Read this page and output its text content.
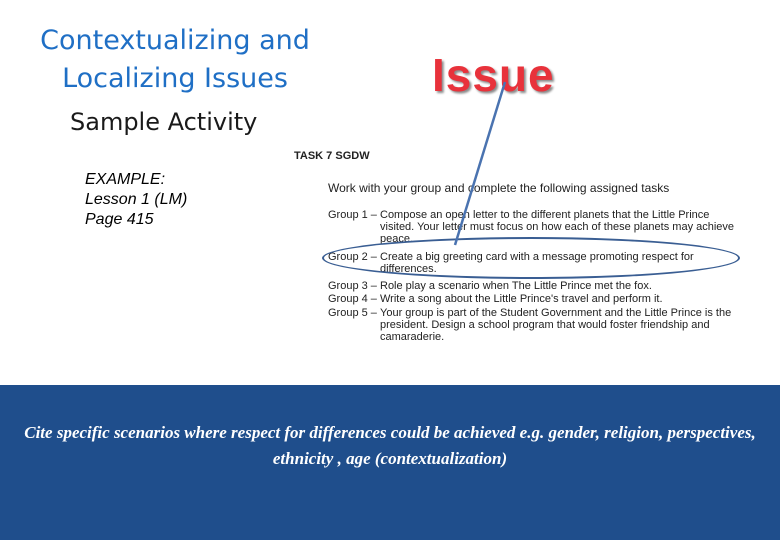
Contextualizing and
Localizing Issues
Sample Activity
EXAMPLE:
Lesson 1 (LM)
Page 415
Issue
TASK 7 SGDW
Work with your group and complete the following assigned tasks
Group 1 – Compose an open letter to the different planets that the Little Prince visited. Your letter must focus on how each of these planets may achieve peace.
Group 2 – Create a big greeting card with a message promoting respect for differences.
Group 3 – Role play a scenario when The Little Prince met the fox.
Group 4 – Write a song about the Little Prince's travel and perform it.
Group 5 – Your group is part of the Student Government and the Little Prince is the president. Design a school program that would foster friendship and camaraderie.
Cite specific scenarios where respect for differences could be achieved e.g. gender, religion, perspectives, ethnicity , age (contextualization)
